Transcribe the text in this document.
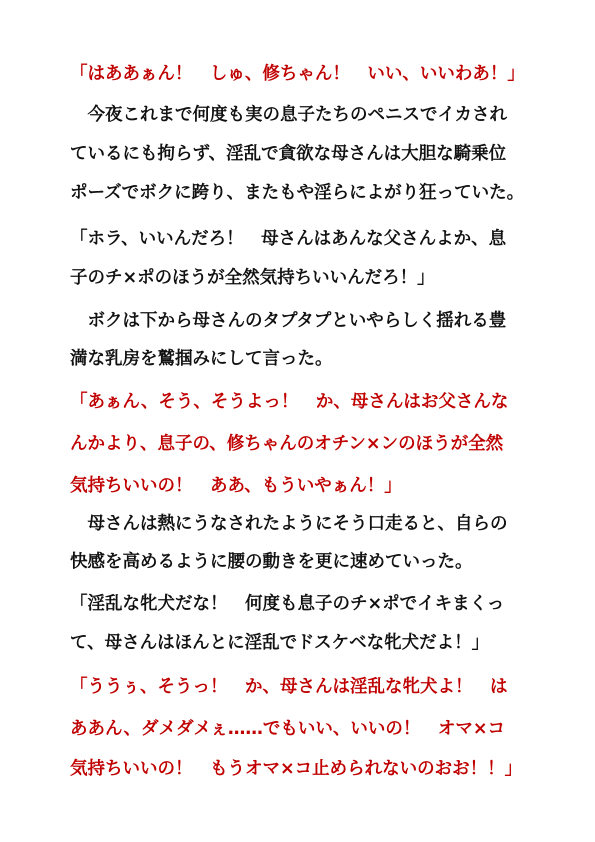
「はああぁん！　しゅ、修ちゃん！　いい、いいわあ！」
　今夜これまで何度も実の息子たちのペニスでイカされ
ているにも拘らず、淫乱で貪欲な母さんは大胆な騎乗位
ポーズでボクに跨り、またもや淫らによがり狂っていた。
「ホラ、いいんだろ！　母さんはあんな父さんよか、息
子のチ×ポのほうが全然気持ちいいんだろ！」
　ボクは下から母さんのタプタプといやらしく揺れる豊
満な乳房を鷲掴みにして言った。
「あぁん、そう、そうよっ！　か、母さんはお父さんな
んかより、息子の、修ちゃんのオチン×ンのほうが全然
気持ちいいの！　ああ、もういやぁん！」
　母さんは熱にうなされたようにそう口走ると、自らの
快感を高めるように腰の動きを更に速めていった。
「淫乱な牝犬だな！　何度も息子のチ×ポでイキまくっ
て、母さんはほんとに淫乱でドスケベな牝犬だよ！」
「ううぅ、そうっ！　か、母さんは淫乱な牝犬よ！　は
ああん、ダメダメぇ……でもいい、いいの！　オマ×コ
気持ちいいの！　もうオマ×コ止められないのおお！！」
